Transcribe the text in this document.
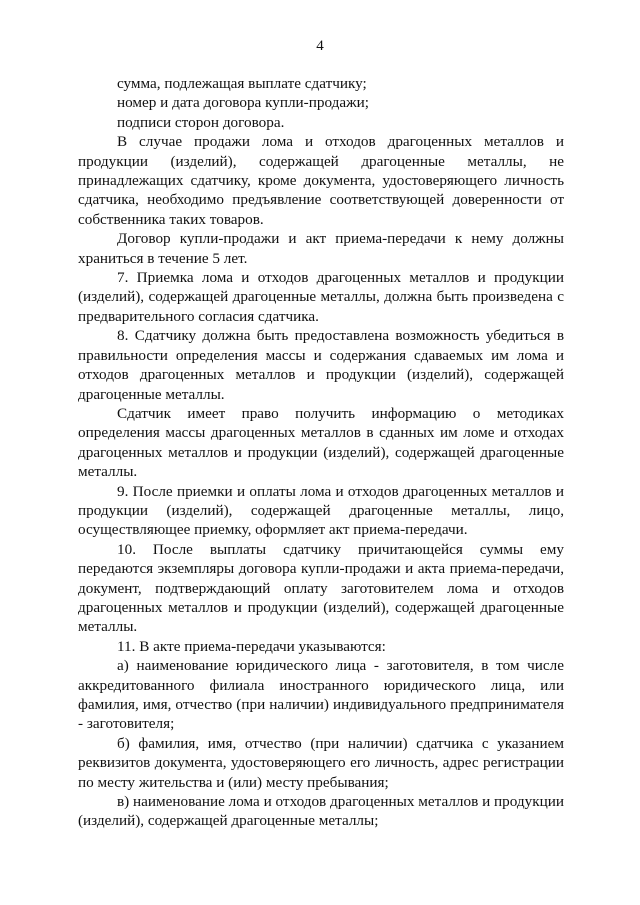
4

сумма, подлежащая выплате сдатчику;

номер и дата договора купли-продажи;

подписи сторон договора.

В случае продажи лома и отходов драгоценных металлов и продукции (изделий), содержащей драгоценные металлы, не принадлежащих сдатчику, кроме документа, удостоверяющего личность сдатчика, необходимо предъявление соответствующей доверенности от собственника таких товаров.

Договор купли-продажи и акт приема-передачи к нему должны храниться в течение 5 лет.

7. Приемка лома и отходов драгоценных металлов и продукции (изделий), содержащей драгоценные металлы, должна быть произведена с предварительного согласия сдатчика.

8. Сдатчику должна быть предоставлена возможность убедиться в правильности определения массы и содержания сдаваемых им лома и отходов драгоценных металлов и продукции (изделий), содержащей драгоценные металлы.

Сдатчик имеет право получить информацию о методиках определения массы драгоценных металлов в сданных им ломе и отходах драгоценных металлов и продукции (изделий), содержащей драгоценные металлы.

9. После приемки и оплаты лома и отходов драгоценных металлов и продукции (изделий), содержащей драгоценные металлы, лицо, осуществляющее приемку, оформляет акт приема-передачи.

10. После выплаты сдатчику причитающейся суммы ему передаются экземпляры договора купли-продажи и акта приема-передачи, документ, подтверждающий оплату заготовителем лома и отходов драгоценных металлов и продукции (изделий), содержащей драгоценные металлы.

11. В акте приема-передачи указываются:

а) наименование юридического лица - заготовителя, в том числе аккредитованного филиала иностранного юридического лица, или фамилия, имя, отчество (при наличии) индивидуального предпринимателя - заготовителя;

б) фамилия, имя, отчество (при наличии) сдатчика с указанием реквизитов документа, удостоверяющего его личность, адрес регистрации по месту жительства и (или) месту пребывания;

в) наименование лома и отходов драгоценных металлов и продукции (изделий), содержащей драгоценные металлы;
